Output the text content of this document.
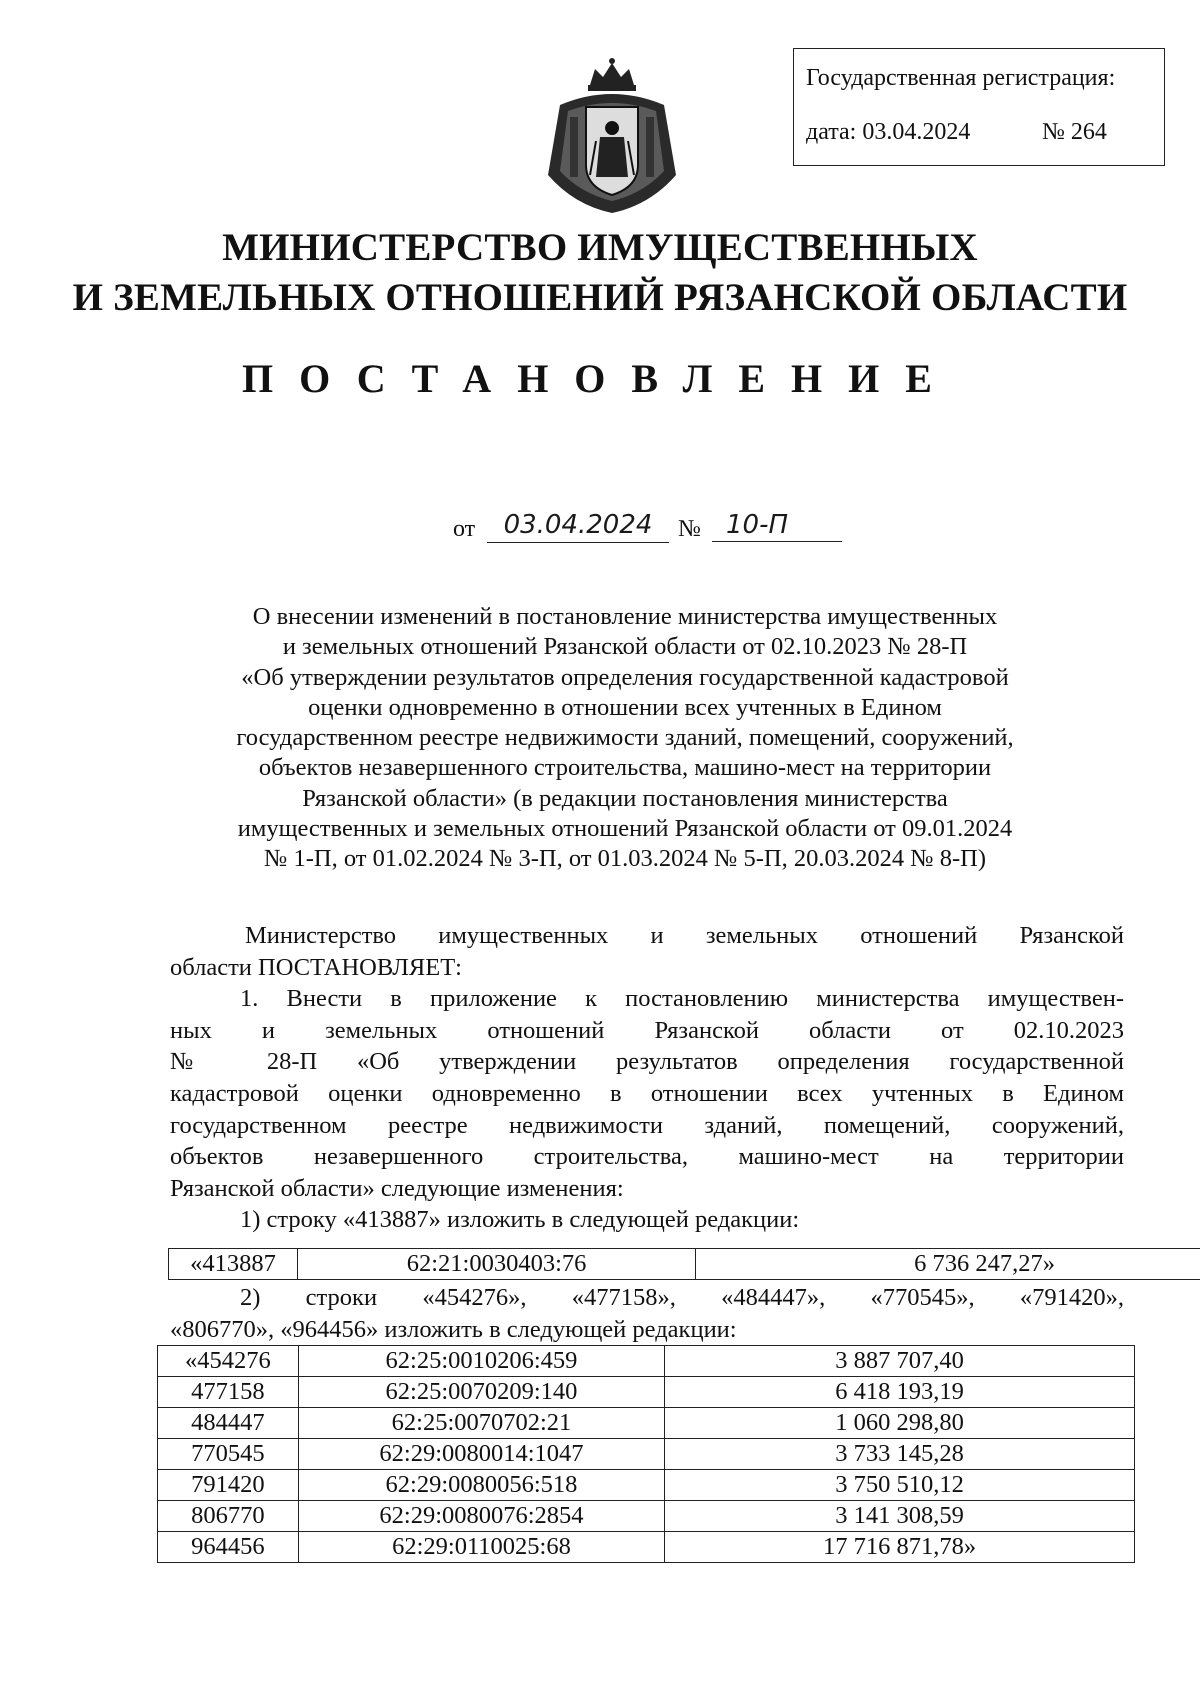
Государственная регистрация:
дата: 03.04.2024	№ 264
МИНИСТЕРСТВО ИМУЩЕСТВЕННЫХ
И ЗЕМЕЛЬНЫХ ОТНОШЕНИЙ РЯЗАНСКОЙ ОБЛАСТИ
ПОСТАНОВЛЕНИЕ
от	03.04.2024	№ 10-П
О внесении изменений в постановление министерства имущественных
и земельных отношений Рязанской области от 02.10.2023 № 28-П
«Об утверждении результатов определения государственной кадастровой
оценки одновременно в отношении всех учтенных в Едином
государственном реестре недвижимости зданий, помещений, сооружений,
объектов незавершенного строительства, машино-мест на территории
Рязанской области» (в редакции постановления министерства
имущественных и земельных отношений Рязанской области от 09.01.2024
№ 1-П, от 01.02.2024 № 3-П, от 01.03.2024 № 5-П, 20.03.2024 № 8-П)
Министерство имущественных и земельных отношений Рязанской
области ПОСТАНОВЛЯЕТ:
1. Внести в приложение к постановлению министерства имуществен-
ных и земельных отношений Рязанской области от 02.10.2023
№ 28-П «Об утверждении результатов определения государственной
кадастровой оценки одновременно в отношении всех учтенных в Едином
государственном реестре недвижимости зданий, помещений, сооружений,
объектов незавершенного строительства, машино-мест на территории
Рязанской области» следующие изменения:
1) строку «413887» изложить в следующей редакции:
«413887	62:21:0030403:76	6 736 247,27»
2) строки «454276», «477158», «484447», «770545», «791420»,
«806770», «964456» изложить в следующей редакции:
«454276	62:25:0010206:459	3 887 707,40
477158	62:25:0070209:140	6 418 193,19
484447	62:25:0070702:21	1 060 298,80
770545	62:29:0080014:1047	3 733 145,28
791420	62:29:0080056:518	3 750 510,12
806770	62:29:0080076:2854	3 141 308,59
964456	62:29:0110025:68	17 716 871,78»
